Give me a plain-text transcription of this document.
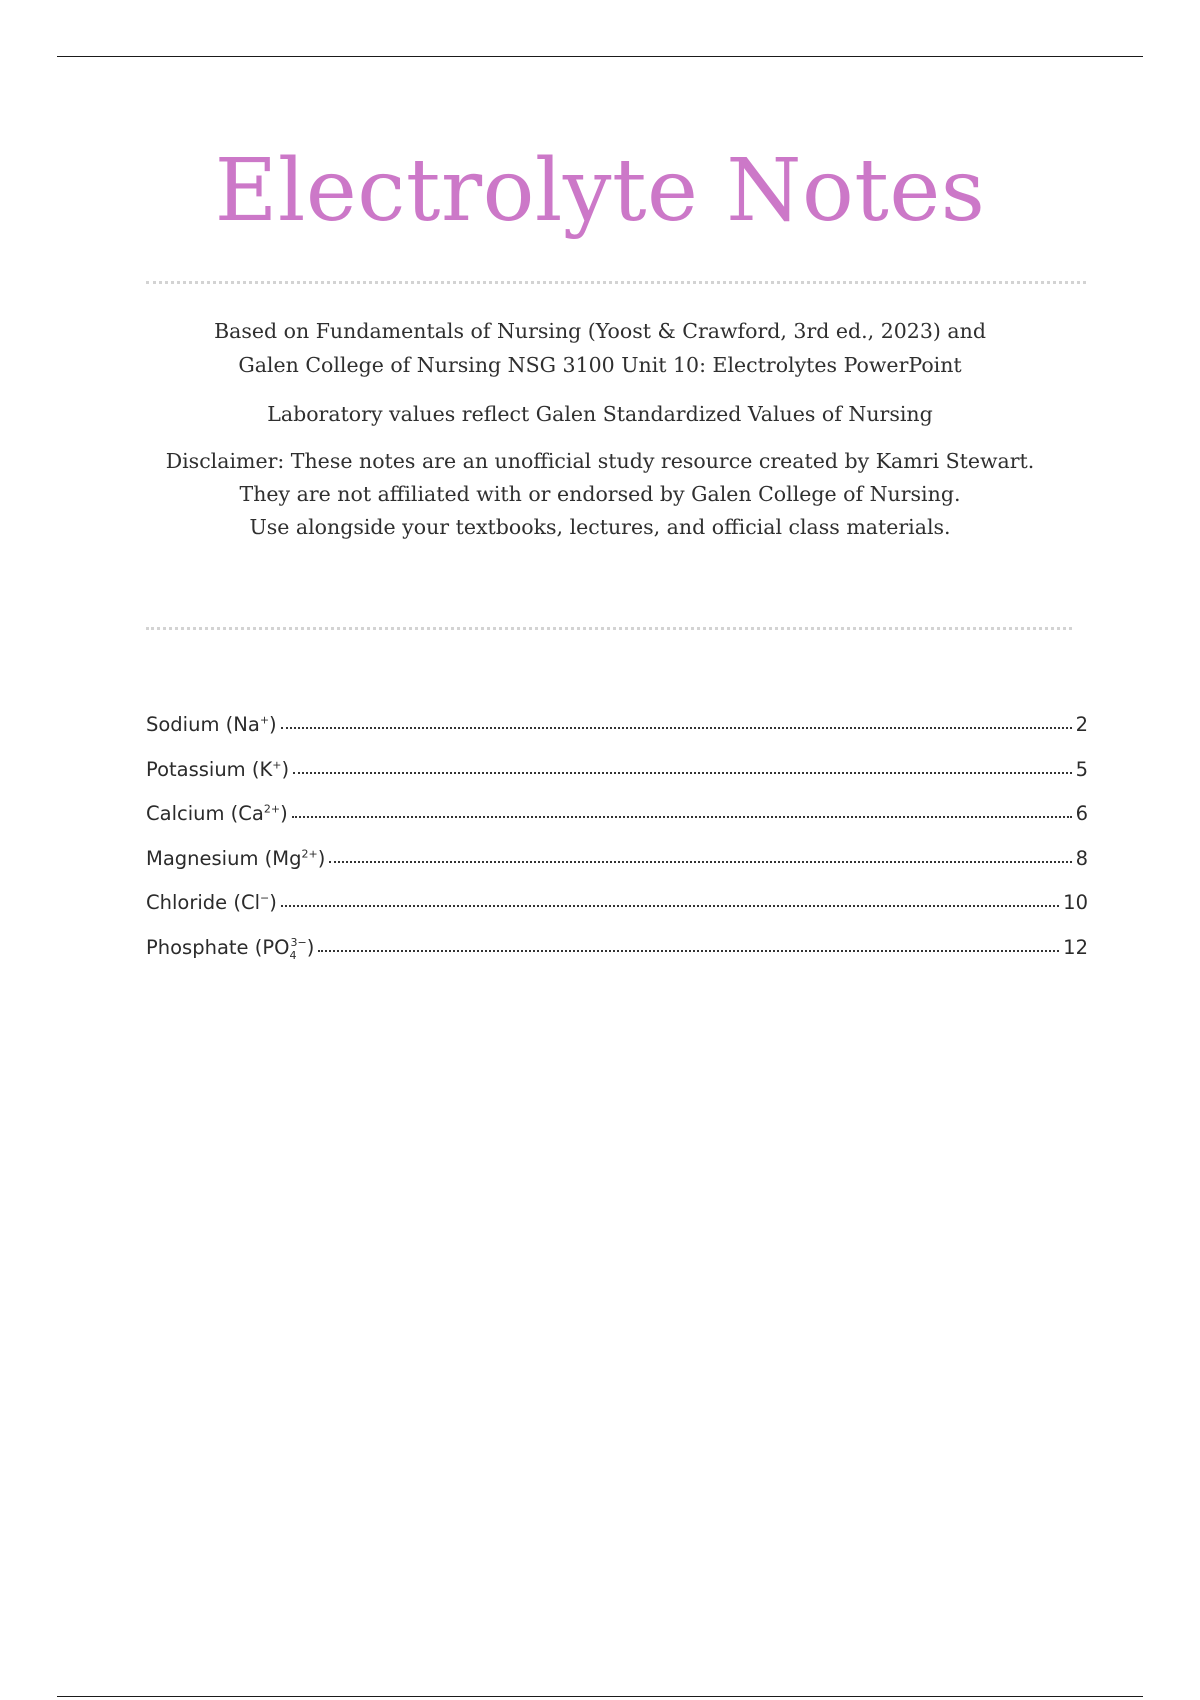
Electrolyte Notes

Based on Fundamentals of Nursing (Yoost & Crawford, 3rd ed., 2023) and

Galen College of Nursing NSG 3100 Unit 10: Electrolytes PowerPoint

Laboratory values reflect Galen Standardized Values of Nursing

Disclaimer: These notes are an unofficial study resource created by Kamri Stewart.

They are not affiliated with or endorsed by Galen College of Nursing.

Use alongside your textbooks, lectures, and official class materials.

Sodium (Na+)	2
Potassium (K+)	5
Calcium $(Ca^{2+})$	6
Magnesium $(Mg^{2+})$	8
Chloride (Cl−)	10
Phosphate $(PO_4^{3-})$	12
